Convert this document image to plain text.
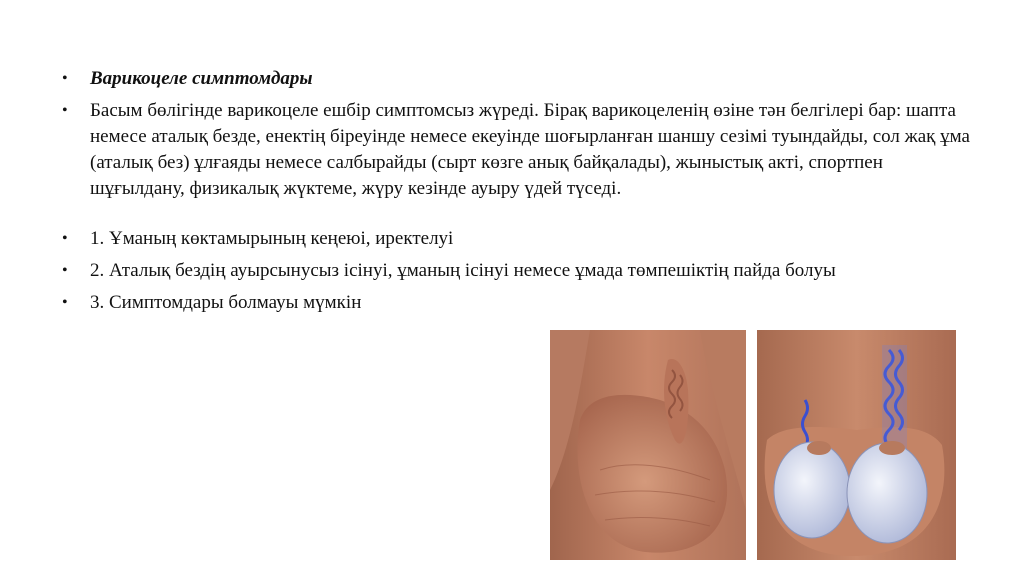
• Варикоцеле симптомдары
• Басым бөлігінде варикоцеле ешбір симптомсыз жүреді. Бірақ варикоцеленің өзіне тән белгілері бар: шапта немесе аталық безде, енектің біреуінде немесе екеуінде шоғырланған шаншу сезімі туындайды, сол жақ ұма (аталық без) ұлғаяды немесе салбырайды (сырт көзге анық байқалады), жыныстық акті, спортпен шұғылдану, физикалық жүктеме, жүру кезінде ауыру үдей түседі.
• 1. Ұманың көктамырының кеңеюі, иректелуі
• 2. Аталық бездің ауырсынусыз ісінуі, ұманың ісінуі немесе ұмада төмпешіктің пайда болуы
• 3. Симптомдары болмауы мүмкін
